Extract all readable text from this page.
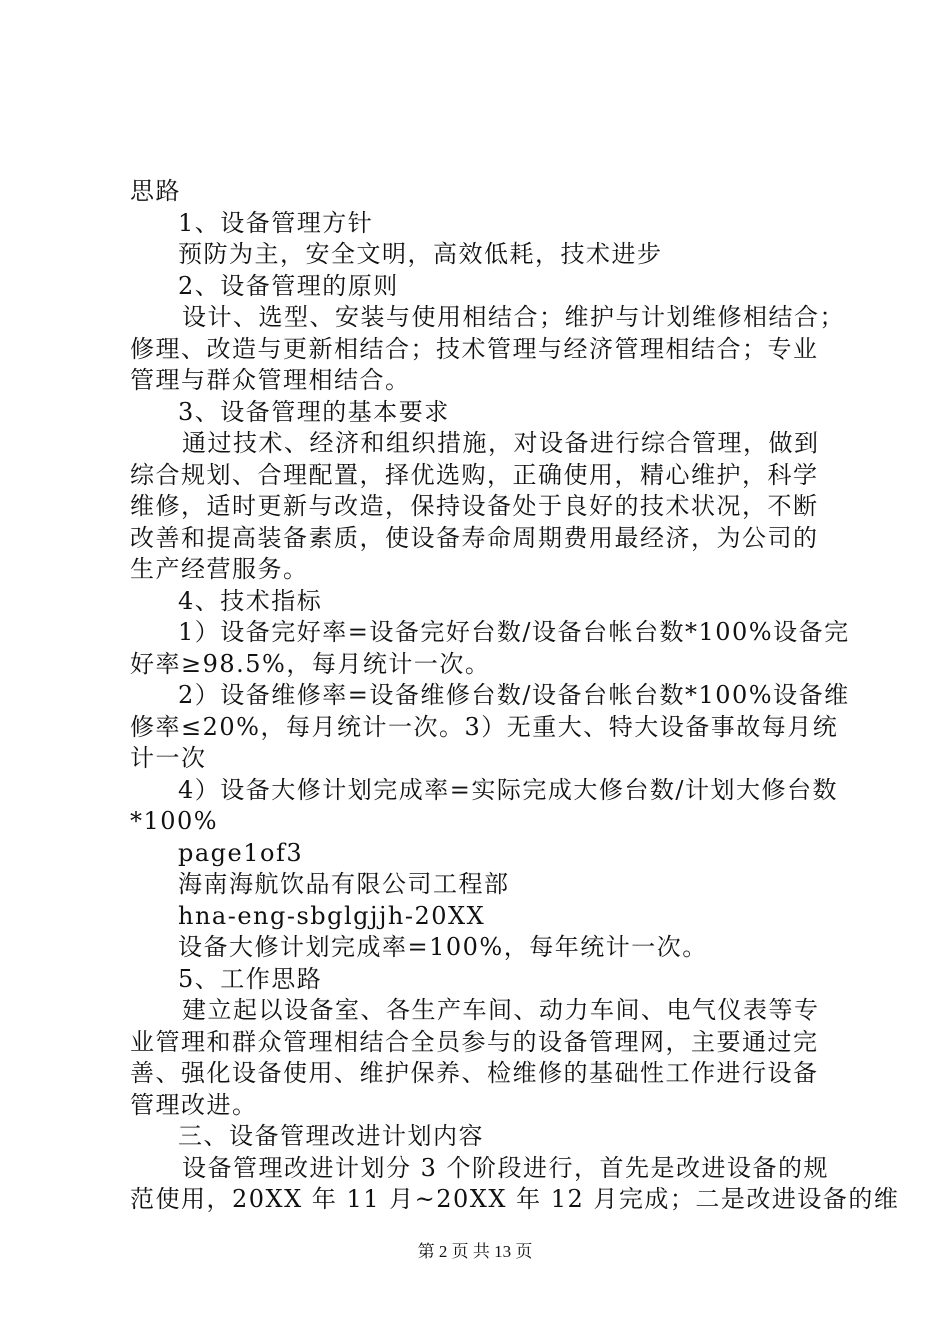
思路
1、设备管理方针
预防为主，安全文明，高效低耗，技术进步
2、设备管理的原则
设计、选型、安装与使用相结合；维护与计划维修相结合；
修理、改造与更新相结合；技术管理与经济管理相结合；专业
管理与群众管理相结合。
3、设备管理的基本要求
通过技术、经济和组织措施，对设备进行综合管理，做到
综合规划、合理配置，择优选购，正确使用，精心维护，科学
维修，适时更新与改造，保持设备处于良好的技术状况，不断
改善和提高装备素质，使设备寿命周期费用最经济，为公司的
生产经营服务。
4、技术指标
1）设备完好率=设备完好台数/设备台帐台数*100%设备完
好率≥98.5%，每月统计一次。
2）设备维修率=设备维修台数/设备台帐台数*100%设备维
修率≤20%，每月统计一次。3）无重大、特大设备事故每月统
计一次
4）设备大修计划完成率=实际完成大修台数/计划大修台数
*100%
page1of3
海南海航饮品有限公司工程部
hna-eng-sbglgjjh-20XX
设备大修计划完成率=100%，每年统计一次。
5、工作思路
建立起以设备室、各生产车间、动力车间、电气仪表等专
业管理和群众管理相结合全员参与的设备管理网，主要通过完
善、强化设备使用、维护保养、检维修的基础性工作进行设备
管理改进。
三、设备管理改进计划内容
设备管理改进计划分 3 个阶段进行，首先是改进设备的规
范使用，20XX 年 11 月~20XX 年 12 月完成；二是改进设备的维
第 2 页 共 13 页
